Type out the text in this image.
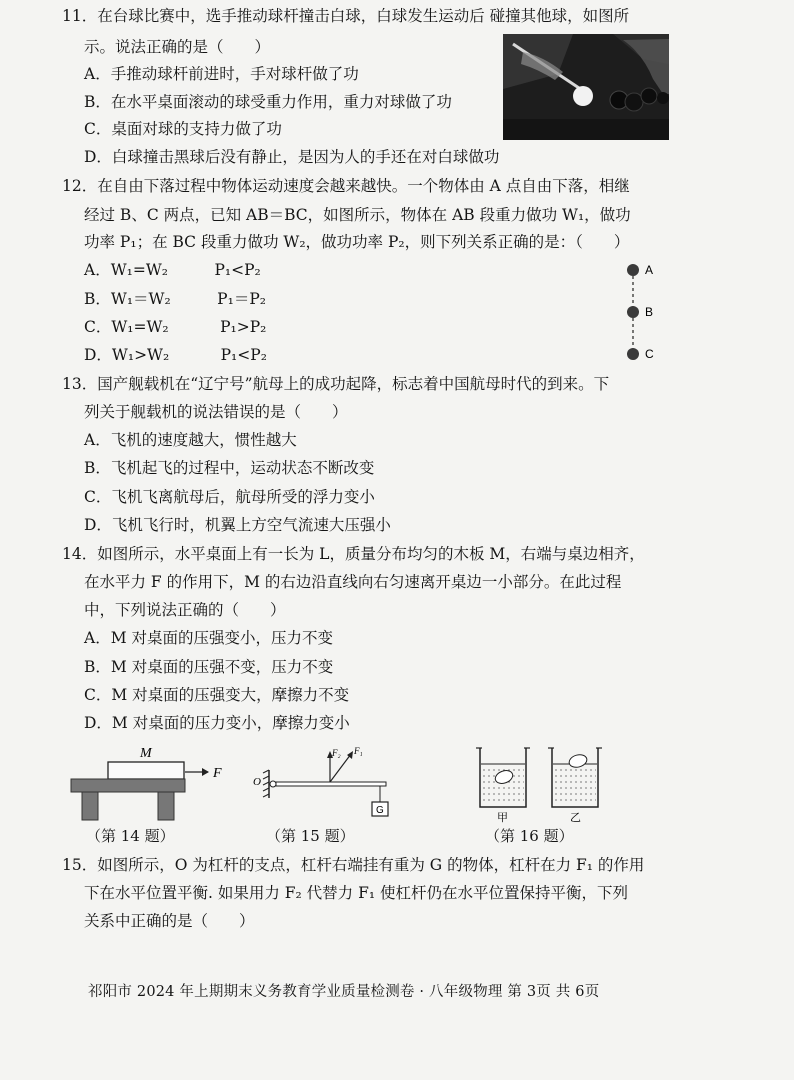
11．在台球比赛中，选手推动球杆撞击白球，白球发生运动后 碰撞其他球，如图所
示。说法正确的是（　　）
A．手推动球杆前进时，手对球杆做了功
B．在水平桌面滚动的球受重力作用，重力对球做了功
C．桌面对球的支持力做了功
D．白球撞击黑球后没有静止，是因为人的手还在对白球做功
12．在自由下落过程中物体运动速度会越来越快。一个物体由 A 点自由下落，相继
经过 B、C 两点，已知 AB＝BC，如图所示，物体在 AB 段重力做功 W₁，做功
功率 P₁；在 BC 段重力做功 W₂，做功功率 P₂，则下列关系正确的是：（　　）
A．W₁=W₂　　　P₁<P₂
B．W₁＝W₂　　　P₁＝P₂
C．W₁=W₂　　　 P₁>P₂
D．W₁>W₂　　　 P₁<P₂
A
B
C
13．国产舰载机在“辽宁号”航母上的成功起降，标志着中国航母时代的到来。下
列关于舰载机的说法错误的是（　　）
A．飞机的速度越大，惯性越大
B．飞机起飞的过程中，运动状态不断改变
C．飞机飞离航母后，航母所受的浮力变小
D．飞机飞行时，机翼上方空气流速大压强小
14．如图所示，水平桌面上有一长为 L，质量分布均匀的木板 M，右端与桌边相齐，
在水平力 F 的作用下，M 的右边沿直线向右匀速离开桌边一小部分。在此过程
中，下列说法正确的（　　）
A．M 对桌面的压强变小，压力不变
B．M 对桌面的压强不变，压力不变
C．M 对桌面的压强变大，摩擦力不变
D．M 对桌面的压力变小，摩擦力变小
M
F
（第 14 题）
O
F₂ F₁
G
（第 15 题）
甲	乙
（第 16 题）
15．如图所示，O 为杠杆的支点，杠杆右端挂有重为 G 的物体，杠杆在力 F₁ 的作用
下在水平位置平衡. 如果用力 F₂ 代替力 F₁ 使杠杆仍在水平位置保持平衡，下列
关系中正确的是（　　）
祁阳市 2024 年上期期末义务教育学业质量检测卷 · 八年级物理 第 3页 共 6页
